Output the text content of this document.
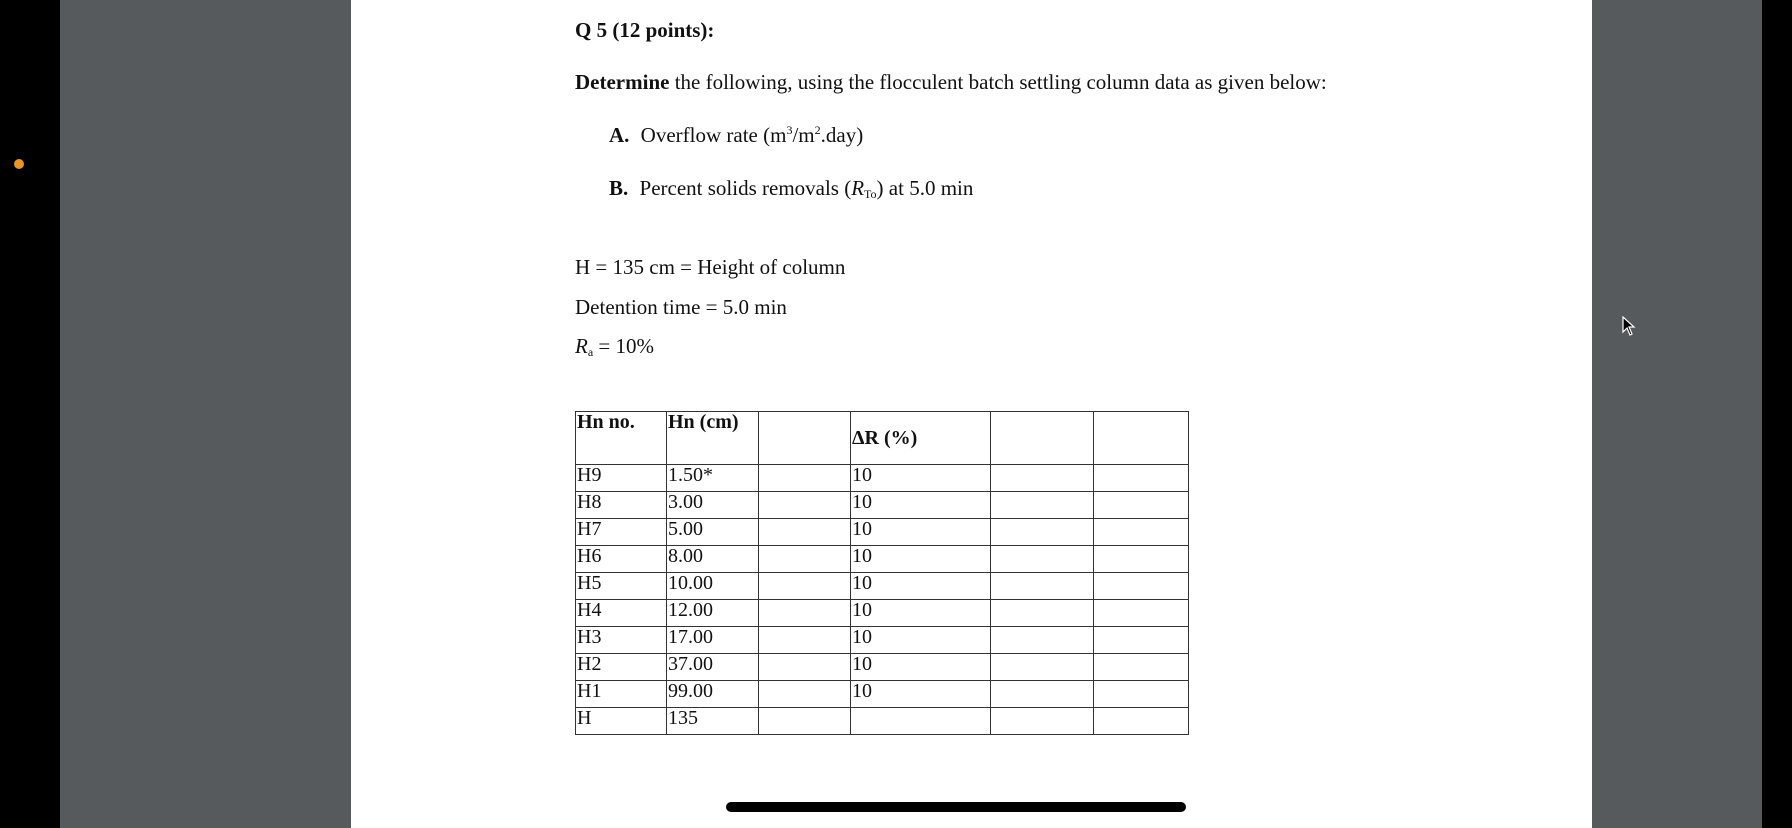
Q 5 (12 points):
Determine the following, using the flocculent batch settling column data as given below:
A. Overflow rate $(m^3/m^2.day)$
B. Percent solids removals $(R_{To})$ at 5.0 min
H = 135 cm = Height of column
Detention time = 5.0 min
$R_a = 10\%$
Hn no.	Hn (cm)		ΔR (%)		
H9	1.50*		10		
H8	3.00		10		
H7	5.00		10		
H6	8.00		10		
H5	10.00		10		
H4	12.00		10		
H3	17.00		10		
H2	37.00		10		
H1	99.00		10		
H	135				
